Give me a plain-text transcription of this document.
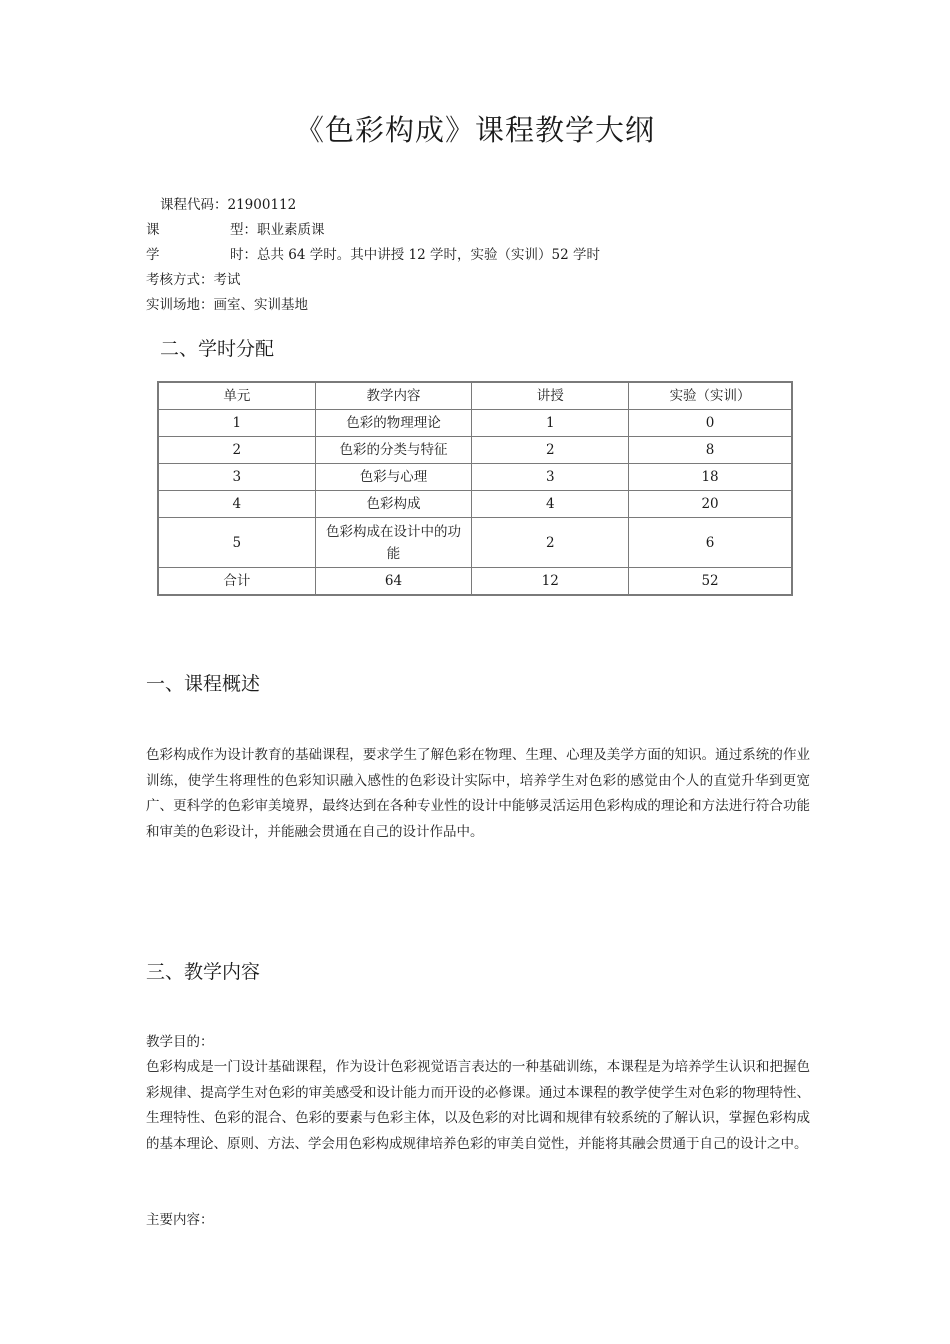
《色彩构成》课程教学大纲
课程代码：21900112
课	型：职业素质课
学	时：总共 64 学时。其中讲授 12 学时，实验（实训）52 学时
考核方式：考试
实训场地：画室、实训基地
二、学时分配
单元	教学内容	讲授	实验（实训）
1	色彩的物理理论	1	0
2	色彩的分类与特征	2	8
3	色彩与心理	3	18
4	色彩构成	4	20
5	色彩构成在设计中的功能	2	6
合计	64	12	52
一、课程概述

色彩构成作为设计教育的基础课程，要求学生了解色彩在物理、生理、心理及美学方面的知识。通过系统的作业训练，使学生将理性的色彩知识融入感性的色彩设计实际中，培养学生对色彩的感觉由个人的直觉升华到更宽广、更科学的色彩审美境界，最终达到在各种专业性的设计中能够灵活运用色彩构成的理论和方法进行符合功能和审美的色彩设计，并能融会贯通在自己的设计作品中。

三、教学内容

教学目的：

色彩构成是一门设计基础课程，作为设计色彩视觉语言表达的一种基础训练，本课程是为培养学生认识和把握色彩规律、提高学生对色彩的审美感受和设计能力而开设的必修课。通过本课程的教学使学生对色彩的物理特性、生理特性、色彩的混合、色彩的要素与色彩主体，以及色彩的对比调和规律有较系统的了解认识，掌握色彩构成的基本理论、原则、方法、学会用色彩构成规律培养色彩的审美自觉性，并能将其融会贯通于自己的设计之中。

主要内容：
